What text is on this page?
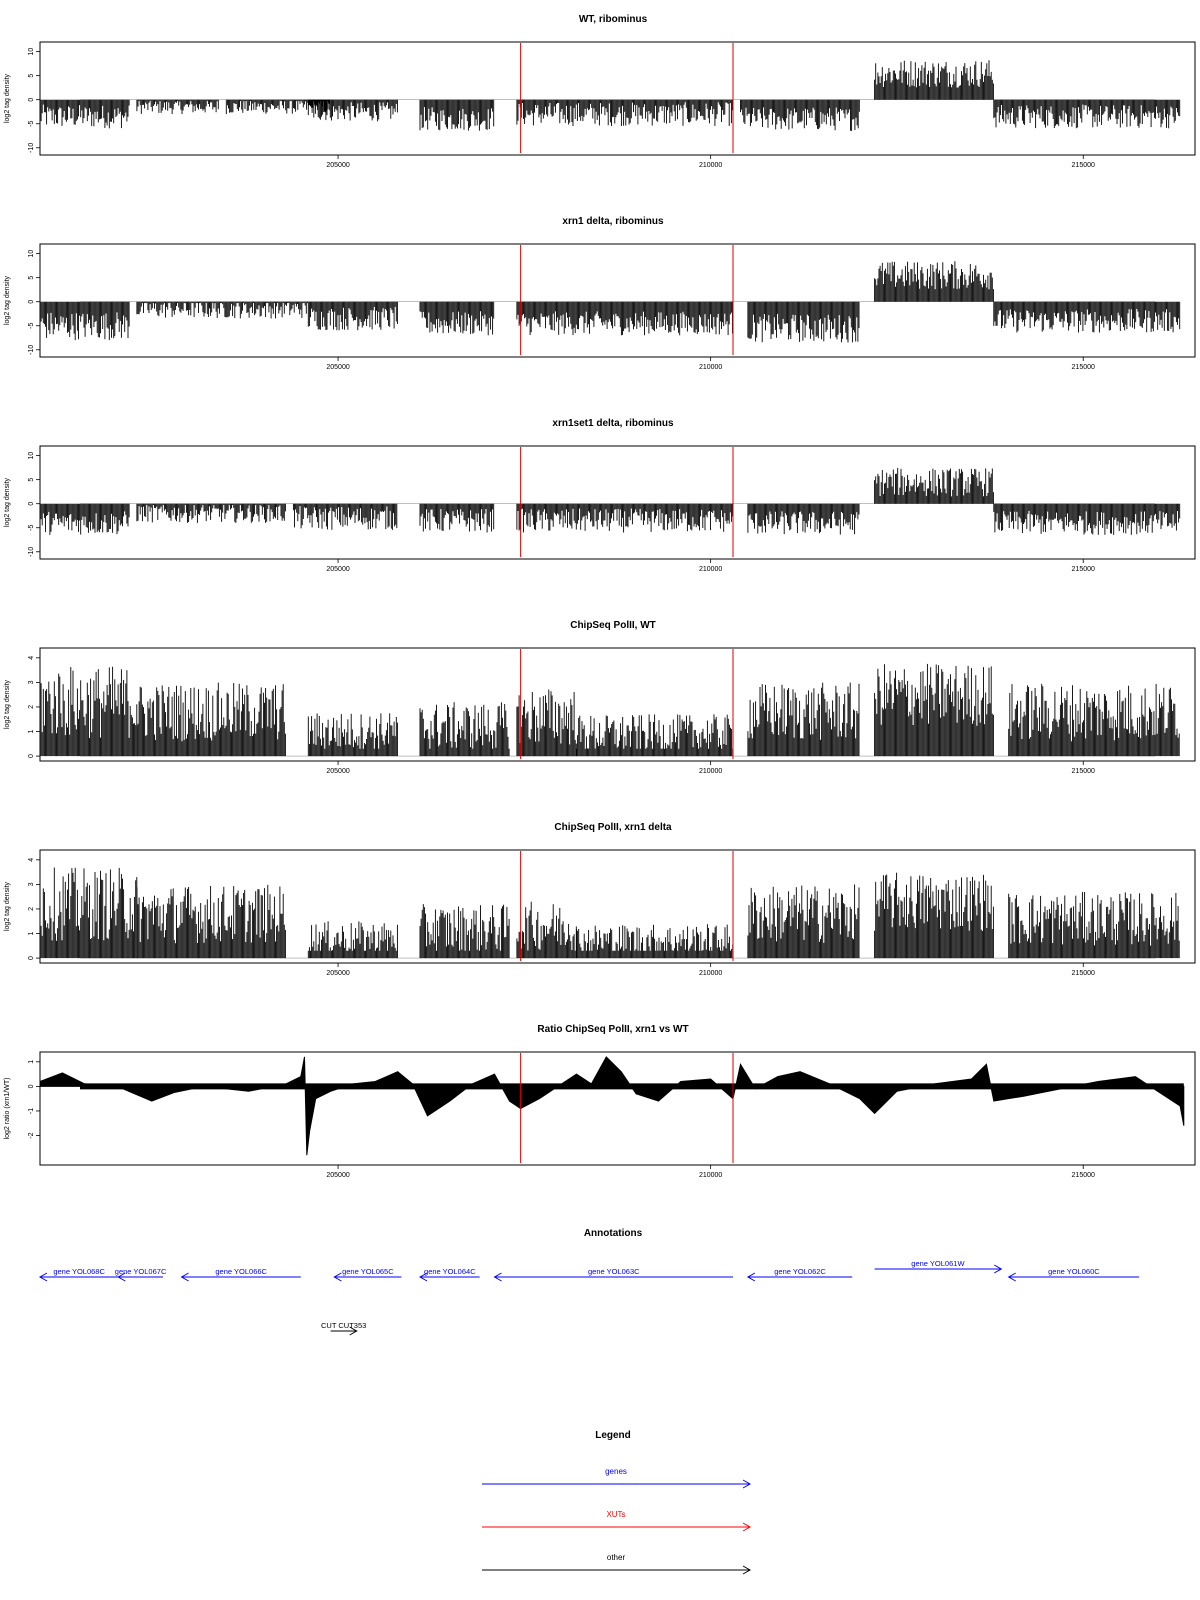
WT, ribominus
-10
-5
0
5
10
log2 tag density
205000	210000	215000
xrn1 delta, ribominus
-10
-5
0
5
10
log2 tag density
205000	210000	215000
xrn1set1 delta, ribominus
-10
-5
0
5
10
log2 tag density
205000	210000	215000
ChipSeq PolII, WT
0
1
2
3
4
log2 tag density
205000	210000	215000
ChipSeq PolII, xrn1 delta
0
1
2
3
4
log2 tag density
205000	210000	215000
Ratio ChipSeq PolII, xrn1 vs WT
-2
-1
0
1
log2 ratio (xrn1/WT)
205000	210000	215000
Annotations
gene YOL068C gene YOL067C	gene YOL066C	gene YOL065C	gene YOL064C	gene YOL063C	gene YOL062C
gene YOL061W
gene YOL060C
CUT CUT353
Legend
genes
XUTs
other
